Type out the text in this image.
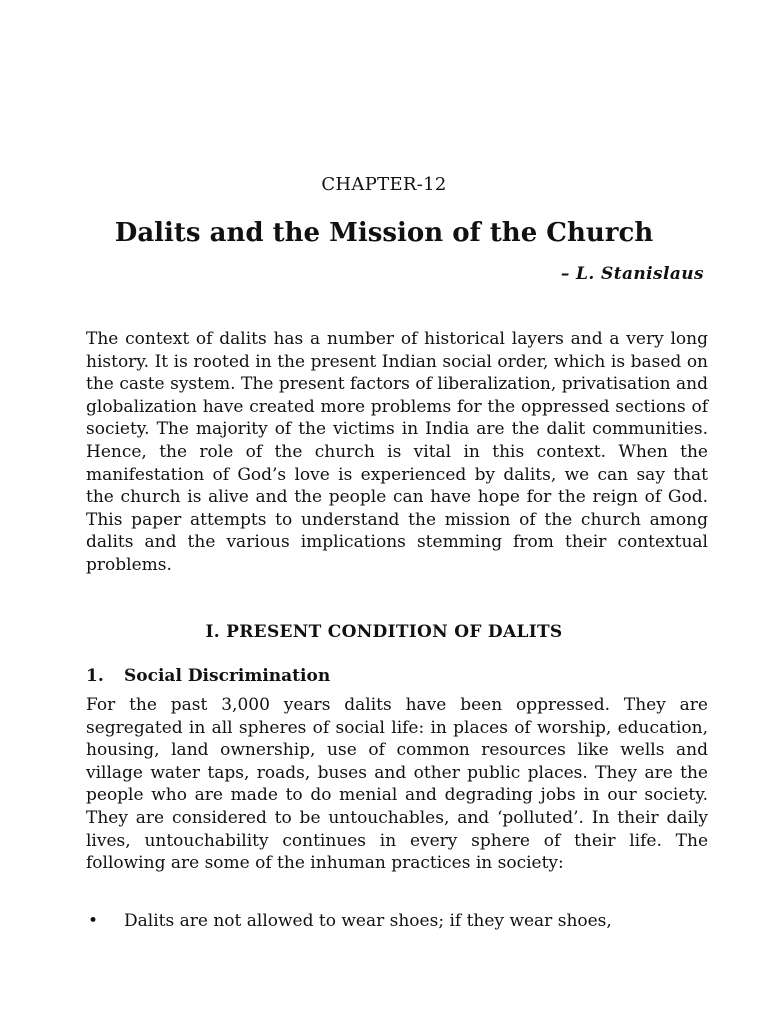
CHAPTER-12
Dalits and the Mission of the Church
– L. Stanislaus

The context of dalits has a number of historical layers and a very long history. It is rooted in the present Indian social order, which is based on the caste system. The present factors of liberalization, privatisation and globalization have created more problems for the oppressed sections of society. The majority of the victims in India are the dalit communities. Hence, the role of the church is vital in this context. When the manifestation of God’s love is experienced by dalits, we can say that the church is alive and the people can have hope for the reign of God. This paper attempts to understand the mission of the church among dalits and the various implications stemming from their contextual problems.

I. PRESENT CONDITION OF DALITS
1. Social Discrimination

For the past 3,000 years dalits have been oppressed. They are segregated in all spheres of social life: in places of worship, education, housing, land ownership, use of common resources like wells and village water taps, roads, buses and other public places. They are the people who are made to do menial and degrading jobs in our society. They are considered to be untouchables, and ‘polluted’. In their daily lives, untouchability continues in every sphere of their life. The following are some of the inhuman practices in society:

• Dalits are not allowed to wear shoes; if they wear shoes,
